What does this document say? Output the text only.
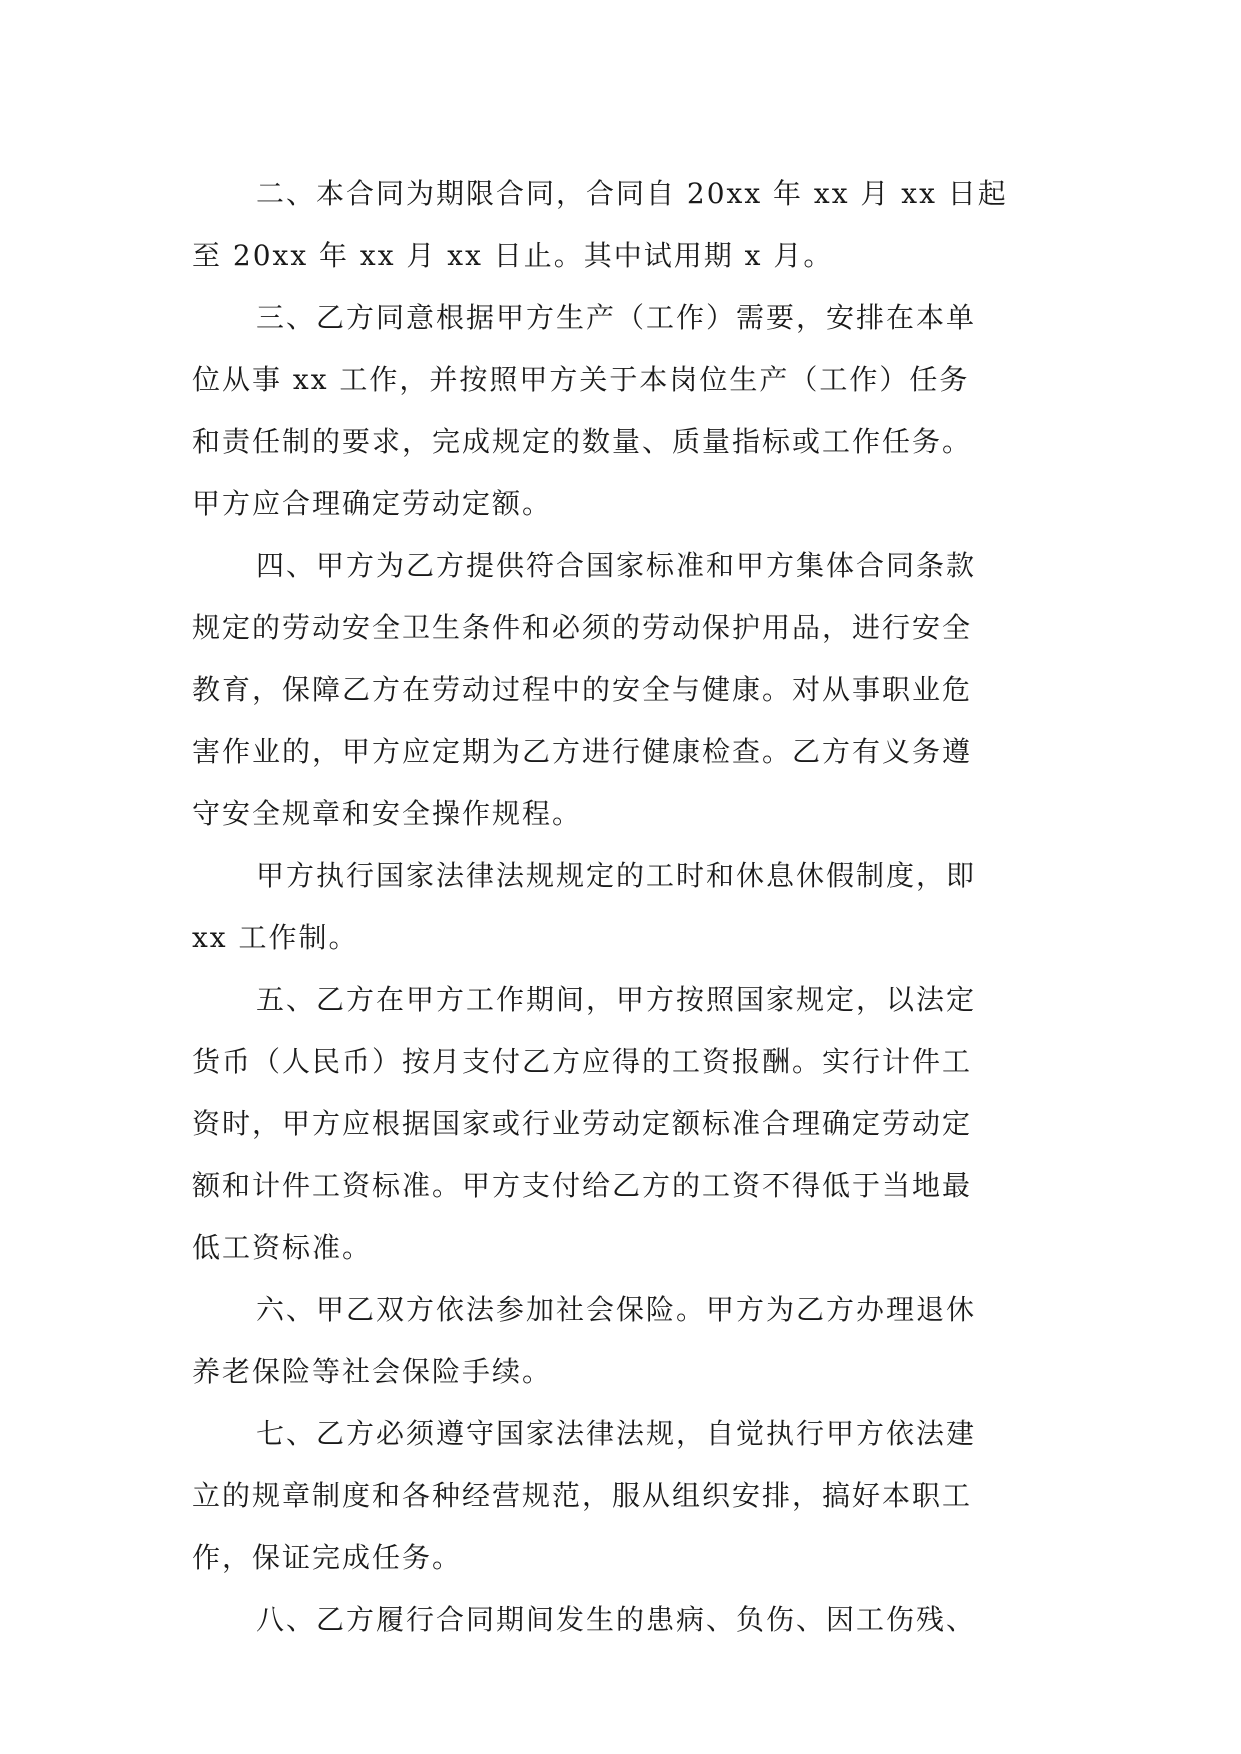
二、本合同为期限合同，合同自 20xx 年 xx 月 xx 日起
至 20xx 年 xx 月 xx 日止。其中试用期 x 月。
三、乙方同意根据甲方生产（工作）需要，安排在本单
位从事 xx 工作，并按照甲方关于本岗位生产（工作）任务
和责任制的要求，完成规定的数量、质量指标或工作任务。
甲方应合理确定劳动定额。
四、甲方为乙方提供符合国家标准和甲方集体合同条款
规定的劳动安全卫生条件和必须的劳动保护用品，进行安全
教育，保障乙方在劳动过程中的安全与健康。对从事职业危
害作业的，甲方应定期为乙方进行健康检查。乙方有义务遵
守安全规章和安全操作规程。
甲方执行国家法律法规规定的工时和休息休假制度，即
xx 工作制。
五、乙方在甲方工作期间，甲方按照国家规定，以法定
货币（人民币）按月支付乙方应得的工资报酬。实行计件工
资时，甲方应根据国家或行业劳动定额标准合理确定劳动定
额和计件工资标准。甲方支付给乙方的工资不得低于当地最
低工资标准。
六、甲乙双方依法参加社会保险。甲方为乙方办理退休
养老保险等社会保险手续。
七、乙方必须遵守国家法律法规，自觉执行甲方依法建
立的规章制度和各种经营规范，服从组织安排，搞好本职工
作，保证完成任务。
八、乙方履行合同期间发生的患病、负伤、因工伤残、
